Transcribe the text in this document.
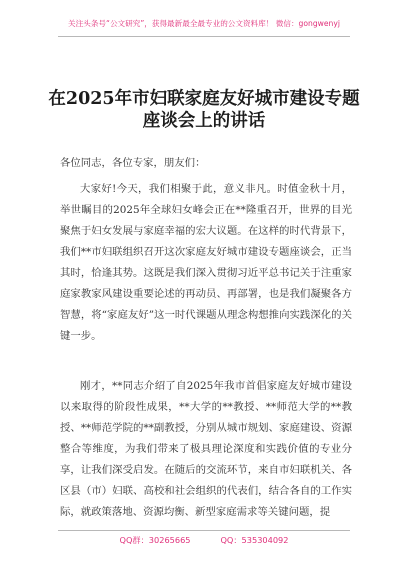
关注头条号“公文研究”，获得最新最全最专业的公文资料库！ 微信：gongwenyj
在2025年市妇联家庭友好城市建设专题
座谈会上的讲话

各位同志，各位专家，朋友们：

大家好!今天，我们相聚于此，意义非凡。时值金秋十月，举世瞩目的2025年全球妇女峰会正在**隆重召开，世界的目光聚焦于妇女发展与家庭幸福的宏大议题。在这样的时代背景下，我们**市妇联组织召开这次家庭友好城市建设专题座谈会，正当其时，恰逢其势。这既是我们深入贯彻习近平总书记关于注重家庭家教家风建设重要论述的再动员、再部署，也是我们凝聚各方智慧，将“家庭友好”这一时代课题从理念构想推向实践深化的关键一步。

刚才，**同志介绍了自2025年我市首倡家庭友好城市建设以来取得的阶段性成果，**大学的**教授、**师范大学的**教授、**师范学院的**副教授，分别从城市规划、家庭建设、资源整合等维度，为我们带来了极具理论深度和实践价值的专业分享，让我们深受启发。在随后的交流环节，来自市妇联机关、各区县（市）妇联、高校和社会组织的代表们，结合各自的工作实际，就政策落地、资源均衡、新型家庭需求等关键问题，提

QQ群：30265665	QQ：535304092
